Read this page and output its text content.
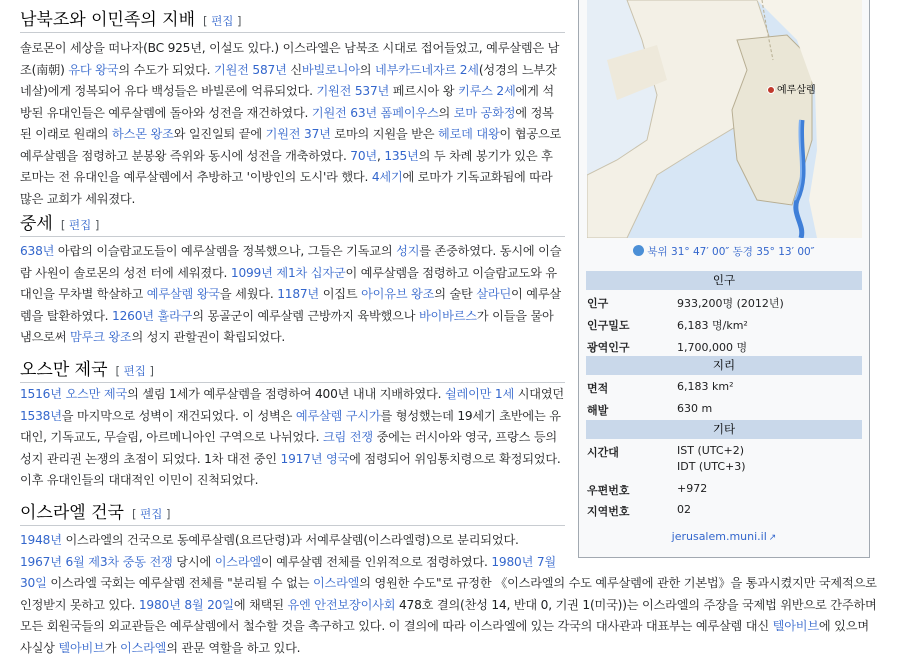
남북조와 이민족의 지배 [ 편집 ]

솔로몬이 세상을 떠나자(BC 925년, 이설도 있다.) 이스라엘은 남북조 시대로 접어들었고, 예루살렘은 남조(南朝) 유다 왕국의 수도가 되었다. 기원전 587년 신바빌로니아의 네부카드네자르 2세(성경의 느부갓네살)에게 정복되어 유다 백성들은 바빌론에 억류되었다. 기원전 537년 페르시아 왕 키루스 2세에게 석방된 유대인들은 예루살렘에 돌아와 성전을 재건하였다. 기원전 63년 폼페이우스의 로마 공화정에 정복된 이래로 원래의 하스몬 왕조와 일진일퇴 끝에 기원전 37년 로마의 지원을 받은 헤로데 대왕이 협공으로 예루살렘을 점령하고 분봉왕 즉위와 동시에 성전을 개축하였다. 70년, 135년의 두 차례 봉기가 있은 후 로마는 전 유대인을 예루살렘에서 추방하고 '이방인의 도시'라 했다. 4세기에 로마가 기독교화됨에 따라 많은 교회가 세워졌다.

중세 [ 편집 ]

638년 아랍의 이슬람교도들이 예루살렘을 정복했으나, 그들은 기독교의 성지를 존중하였다. 동시에 이슬람 사원이 솔로몬의 성전 터에 세워졌다. 1099년 제1차 십자군이 예루살렘을 점령하고 이슬람교도와 유대인을 무차별 학살하고 예루살렘 왕국을 세웠다. 1187년 이집트 아이유브 왕조의 술탄 살라딘이 예루살렘을 탈환하였다. 1260년 훌라구의 몽골군이 예루살렘 근방까지 육박했으나 바이바르스가 이들을 물아냄으로써 맘루크 왕조의 성지 관할권이 확립되었다.

오스만 제국 [ 편집 ]

1516년 오스만 제국의 셀림 1세가 예루살렘을 점령하여 400년 내내 지배하였다. 쉴레이만 1세 시대였던 1538년을 마지막으로 성벽이 재건되었다. 이 성벽은 예루살렘 구시가를 형성했는데 19세기 초반에는 유대인, 기독교도, 무슬림, 아르메니아인 구역으로 나뉘었다. 크림 전쟁 중에는 러시아와 영국, 프랑스 등의 성지 관리권 논쟁의 초점이 되었다. 1차 대전 중인 1917년 영국에 점령되어 위임통치령으로 확정되었다. 이후 유대인들의 대대적인 이민이 진척되었다.

이스라엘 건국 [ 편집 ]

1948년 이스라엘의 건국으로 동예루살렘(요르단령)과 서예루살렘(이스라엘령)으로 분리되었다.
1967년 6월 제3차 중동 전쟁 당시에 이스라엘이 예루살렘 전체를 인위적으로 점령하였다. 1980년 7월 30일 이스라엘 국회는 예루살렘 전체를 "분리될 수 없는 이스라엘의 영원한 수도"로 규정한 《이스라엘의 수도 예루살렘에 관한 기본법》을 통과시켰지만 국제적으로 인정받지 못하고 있다. 1980년 8월 20일에 채택된 유엔 안전보장이사회 478호 결의(찬성 14, 반대 0, 기권 1(미국))는 이스라엘의 주장을 국제법 위반으로 간주하며 모든 회원국들의 외교관들은 예루살렘에서 철수할 것을 촉구하고 있다. 이 결의에 따라 이스라엘에 있는 각국의 대사관과 대표부는 예루살렘 대신 텔아비브에 있으며 사실상 텔아비브가 이스라엘의 관문 역할을 하고 있다.

예루살렘
북위 31° 47′ 00″ 동경 35° 13′ 00″
인구
인구	933,200명 (2012년)
인구밀도	6,183 명/km²
광역인구	1,700,000 명
지리
면적	6,183 km²
해발	630 m
기타
시간대	IST (UTC+2)
IDT (UTC+3)
우편번호	+972
지역번호	02
jerusalem.muni.il ↗
